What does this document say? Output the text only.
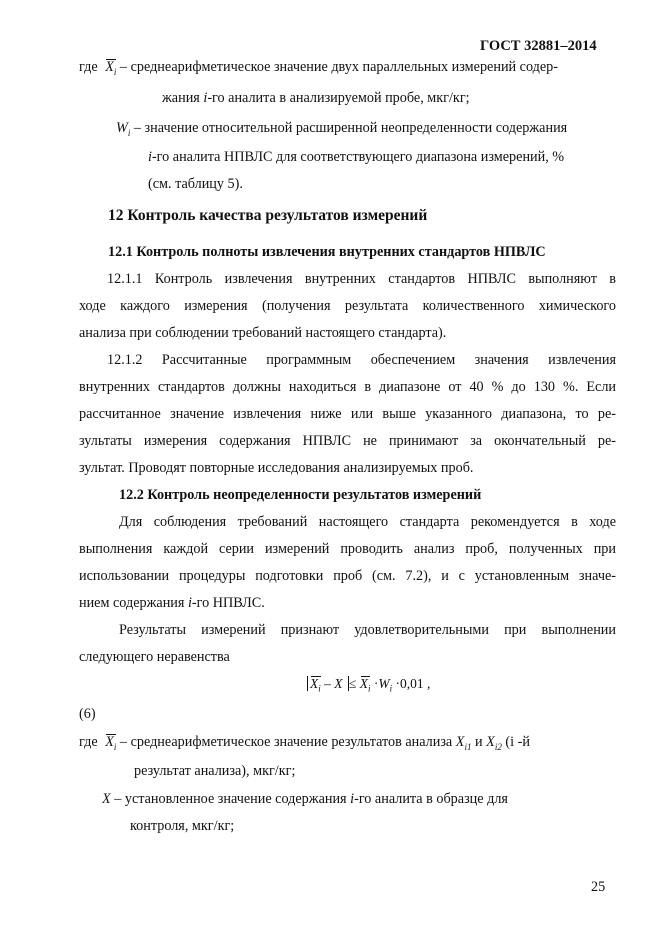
ГОСТ 32881–2014
где $X_i$ – среднеарифметическое значение двух параллельных измерений содер-
жания i-го аналита в анализируемой пробе, мкг/кг;
$W_i$ – значение относительной расширенной неопределенности содержания
i-го аналита НПВЛС для соответствующего диапазона измерений, %
(см. таблицу 5).
12 Контроль качества результатов измерений
12.1 Контроль полноты извлечения внутренних стандартов НПВЛС
12.1.1 Контроль извлечения внутренних стандартов НПВЛС выполняют в
ходе каждого измерения (получения результата количественного химического
анализа при соблюдении требований настоящего стандарта).
12.1.2 Рассчитанные программным обеспечением значения извлечения
внутренних стандартов должны находиться в диапазоне от 40 % до 130 %. Если
рассчитанное значение извлечения ниже или выше указанного диапазона, то ре-
зультаты измерения содержания НПВЛС не принимают за окончательный ре-
зультат. Проводят повторные исследования анализируемых проб.
12.2 Контроль неопределенности результатов измерений
Для соблюдения требований настоящего стандарта рекомендуется в ходе
выполнения каждой серии измерений проводить анализ проб, полученных при
использовании процедуры подготовки проб (см. 7.2), и с установленным значе-
нием содержания i-го НПВЛС.
Результаты измерений признают удовлетворительными при выполнении
следующего неравенства
$X_i - X \le X_i \cdot W_i \cdot 0,01$ ,
(6)
где $X_i$ – среднеарифметическое значение результатов анализа $X_{i1}$ и $X_{i2}$ (i -й
результат анализа), мкг/кг;
X – установленное значение содержания i-го аналита в образце для
контроля, мкг/кг;
25
